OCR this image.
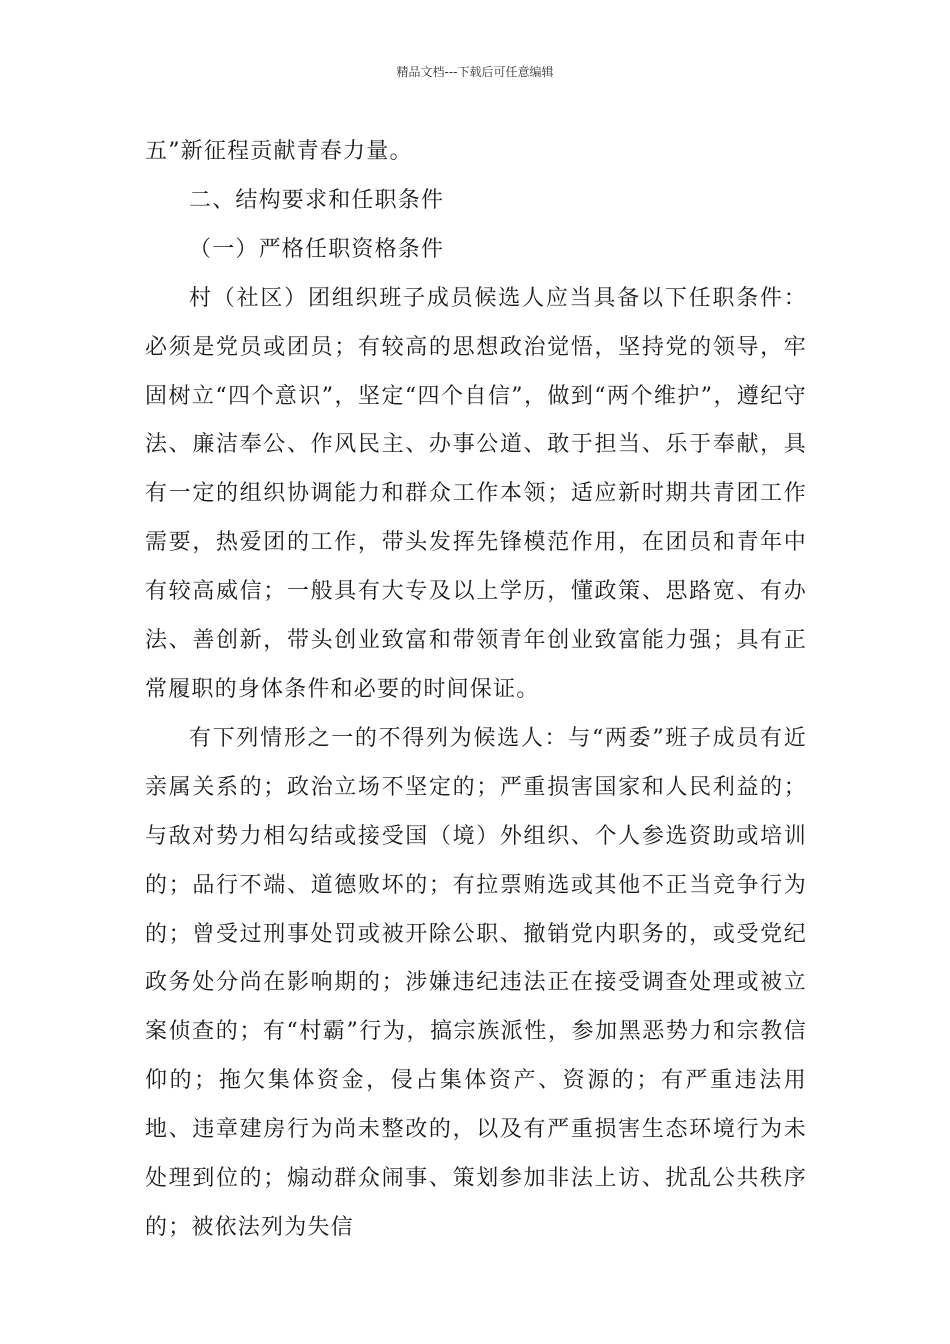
精品文档---下载后可任意编辑

五”新征程贡献青春力量。

二、结构要求和任职条件

（一）严格任职资格条件

村（社区）团组织班子成员候选人应当具备以下任职条件：必须是党员或团员；有较高的思想政治觉悟，坚持党的领导，牢固树立“四个意识”，坚定“四个自信”，做到“两个维护”，遵纪守法、廉洁奉公、作风民主、办事公道、敢于担当、乐于奉献，具有一定的组织协调能力和群众工作本领；适应新时期共青团工作需要，热爱团的工作，带头发挥先锋模范作用，在团员和青年中有较高威信；一般具有大专及以上学历，懂政策、思路宽、有办法、善创新，带头创业致富和带领青年创业致富能力强；具有正常履职的身体条件和必要的时间保证。

有下列情形之一的不得列为候选人：与“两委”班子成员有近亲属关系的；政治立场不坚定的；严重损害国家和人民利益的；与敌对势力相勾结或接受国（境）外组织、个人参选资助或培训的；品行不端、道德败坏的；有拉票贿选或其他不正当竞争行为的；曾受过刑事处罚或被开除公职、撤销党内职务的，或受党纪政务处分尚在影响期的；涉嫌违纪违法正在接受调查处理或被立案侦查的；有“村霸”行为，搞宗族派性，参加黑恶势力和宗教信仰的；拖欠集体资金，侵占集体资产、资源的；有严重违法用地、违章建房行为尚未整改的，以及有严重损害生态环境行为未处理到位的；煽动群众闹事、策划参加非法上访、扰乱公共秩序的；被依法列为失信
